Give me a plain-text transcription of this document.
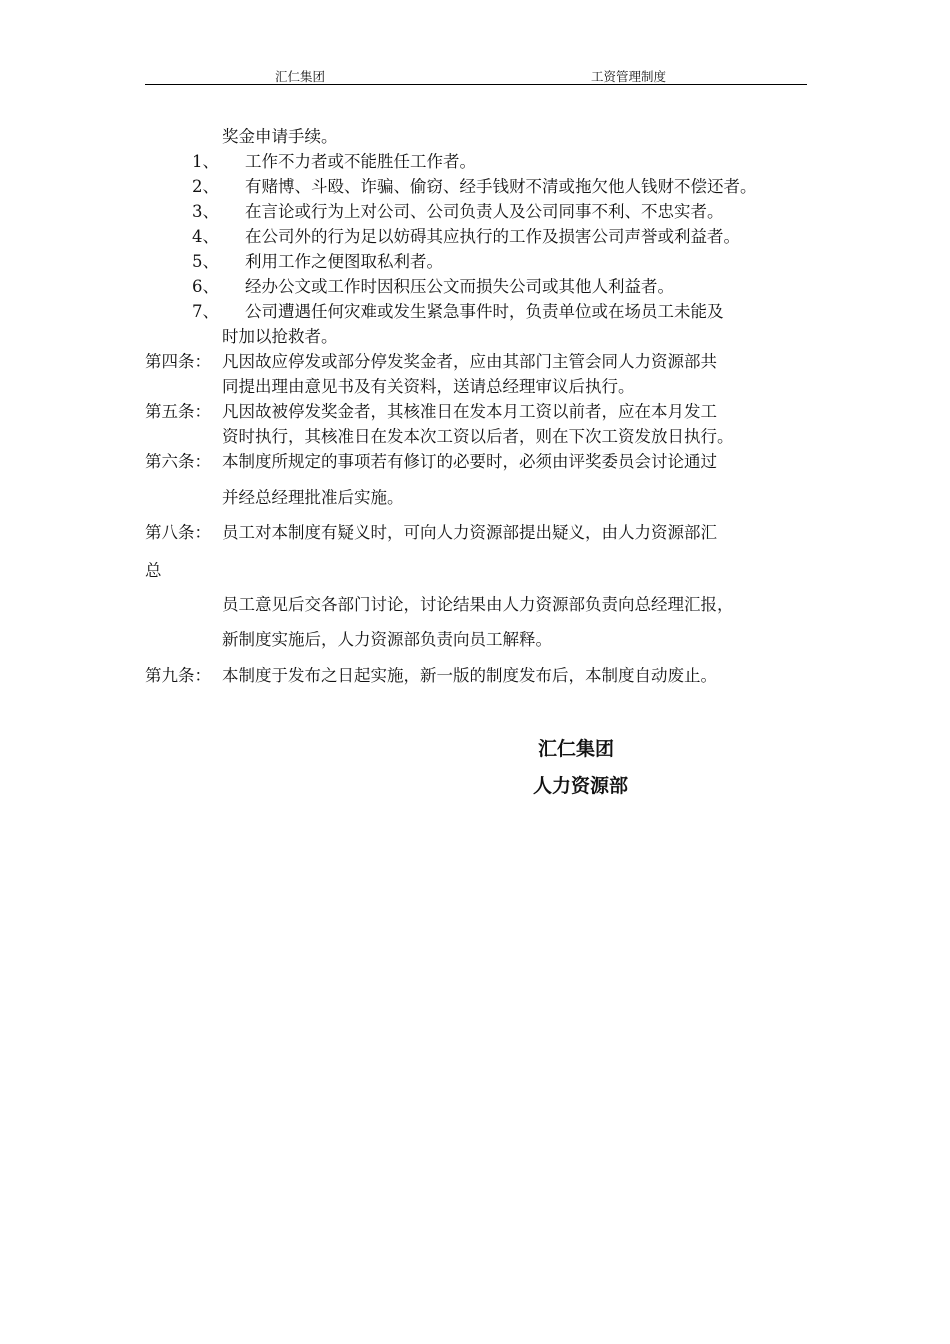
汇仁集团	工资管理制度
奖金申请手续。
1、 工作不力者或不能胜任工作者。
2、 有赌博、斗殴、诈骗、偷窃、经手钱财不清或拖欠他人钱财不偿还者。
3、 在言论或行为上对公司、公司负责人及公司同事不利、不忠实者。
4、 在公司外的行为足以妨碍其应执行的工作及损害公司声誉或利益者。
5、 利用工作之便图取私利者。
6、 经办公文或工作时因积压公文而损失公司或其他人利益者。
7、 公司遭遇任何灾难或发生紧急事件时，负责单位或在场员工未能及
时加以抢救者。
第四条： 凡因故应停发或部分停发奖金者，应由其部门主管会同人力资源部共
同提出理由意见书及有关资料，送请总经理审议后执行。
第五条： 凡因故被停发奖金者，其核准日在发本月工资以前者，应在本月发工
资时执行，其核准日在发本次工资以后者，则在下次工资发放日执行。
第六条： 本制度所规定的事项若有修订的必要时，必须由评奖委员会讨论通过
并经总经理批准后实施。
第八条： 员工对本制度有疑义时，可向人力资源部提出疑义，由人力资源部汇
总
员工意见后交各部门讨论，讨论结果由人力资源部负责向总经理汇报，
新制度实施后，人力资源部负责向员工解释。
第九条： 本制度于发布之日起实施，新一版的制度发布后，本制度自动废止。
汇仁集团
人力资源部
